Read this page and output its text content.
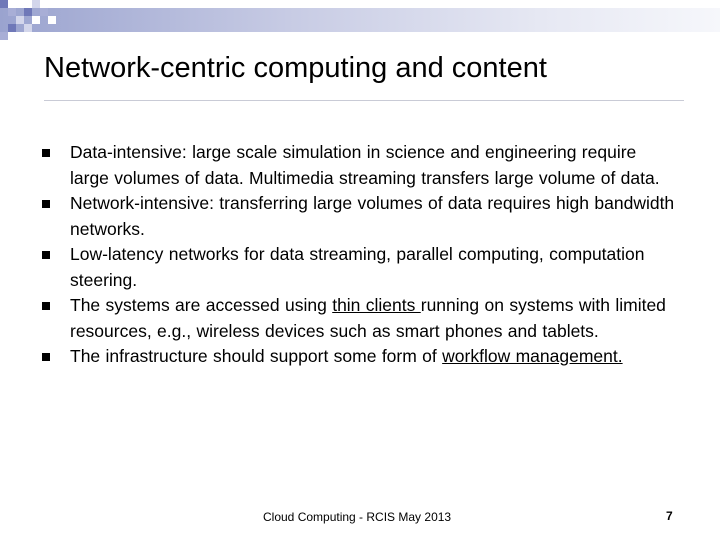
Network-centric computing and content
Data-intensive: large scale simulation in science and engineering require large volumes of data. Multimedia streaming transfers large volume of data.
Network-intensive: transferring large volumes of data requires high bandwidth networks.
Low-latency networks for data streaming, parallel computing, computation steering.
The systems are accessed using thin clients running on systems with limited resources, e.g., wireless devices such as smart phones and tablets.
The infrastructure should support some form of workflow management.
Cloud Computing - RCIS May 2013	7
